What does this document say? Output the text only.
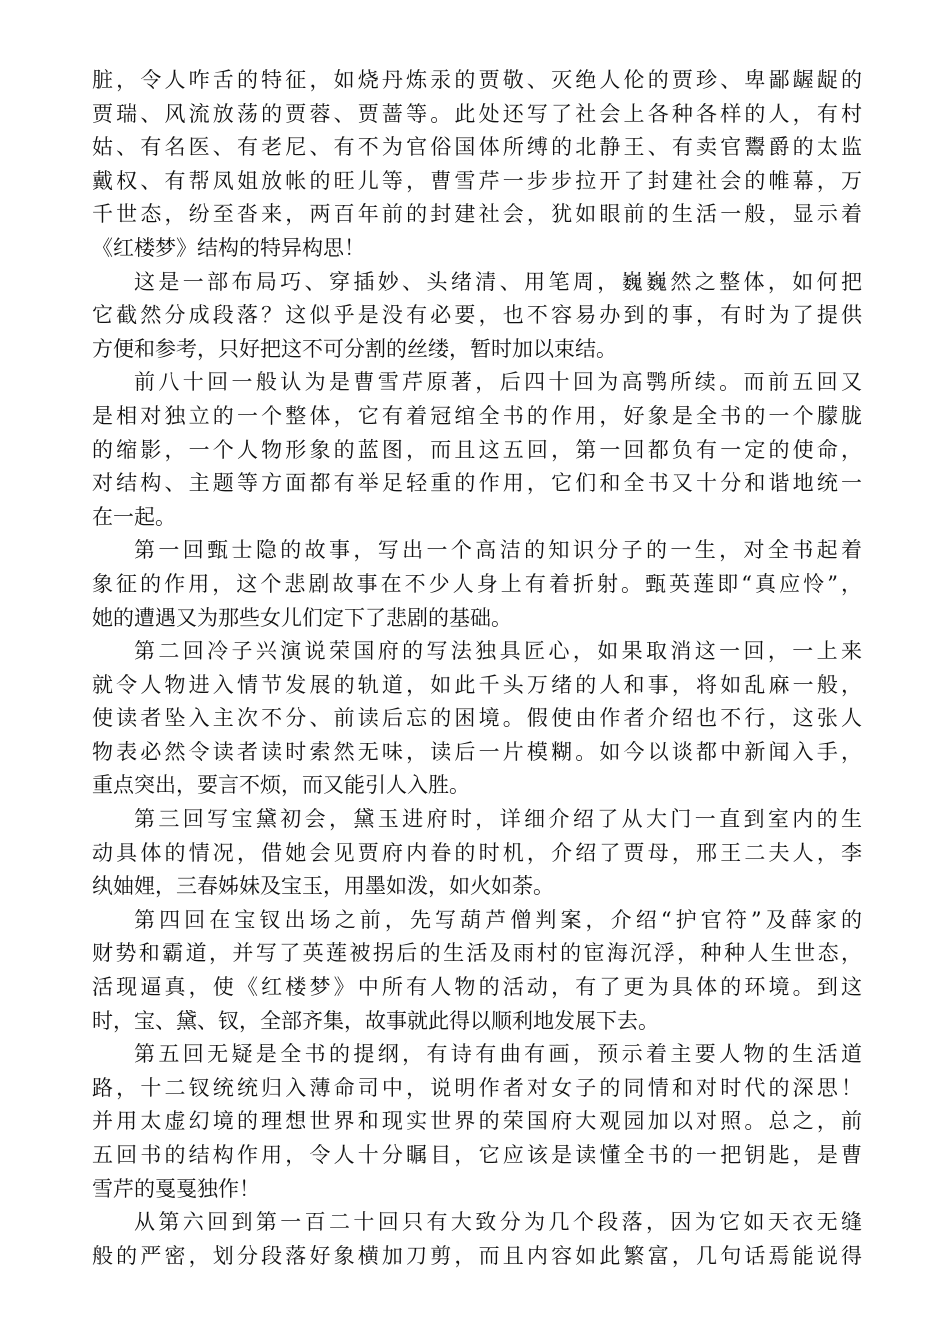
脏，令人咋舌的特征，如烧丹炼汞的贾敬、灭绝人伦的贾珍、卑鄙龌龊的
贾瑞、风流放荡的贾蓉、贾蔷等。此处还写了社会上各种各样的人，有村
姑、有名医、有老尼、有不为官俗国体所缚的北静王、有卖官鬻爵的太监
戴权、有帮凤姐放帐的旺儿等，曹雪芹一步步拉开了封建社会的帷幕，万
千世态，纷至沓来，两百年前的封建社会，犹如眼前的生活一般，显示着
《红楼梦》结构的特异构思！
这是一部布局巧、穿插妙、头绪清、用笔周，巍巍然之整体，如何把
它截然分成段落？这似乎是没有必要，也不容易办到的事，有时为了提供
方便和参考，只好把这不可分割的丝缕，暂时加以束结。
前八十回一般认为是曹雪芹原著，后四十回为高鹗所续。而前五回又
是相对独立的一个整体，它有着冠绾全书的作用，好象是全书的一个朦胧
的缩影，一个人物形象的蓝图，而且这五回，第一回都负有一定的使命，
对结构、主题等方面都有举足轻重的作用，它们和全书又十分和谐地统一
在一起。
第一回甄士隐的故事，写出一个高洁的知识分子的一生，对全书起着
象征的作用，这个悲剧故事在不少人身上有着折射。甄英莲即“真应怜”，
她的遭遇又为那些女儿们定下了悲剧的基础。
第二回冷子兴演说荣国府的写法独具匠心，如果取消这一回，一上来
就令人物进入情节发展的轨道，如此千头万绪的人和事，将如乱麻一般，
使读者坠入主次不分、前读后忘的困境。假使由作者介绍也不行，这张人
物表必然令读者读时索然无味，读后一片模糊。如今以谈都中新闻入手，
重点突出，要言不烦，而又能引人入胜。
第三回写宝黛初会，黛玉进府时，详细介绍了从大门一直到室内的生
动具体的情况，借她会见贾府内眷的时机，介绍了贾母，邢王二夫人，李
纨妯娌，三春姊妹及宝玉，用墨如泼，如火如荼。
第四回在宝钗出场之前，先写葫芦僧判案，介绍“护官符”及薛家的
财势和霸道，并写了英莲被拐后的生活及雨村的宦海沉浮，种种人生世态，
活现逼真，使《红楼梦》中所有人物的活动，有了更为具体的环境。到这
时，宝、黛、钗，全部齐集，故事就此得以顺利地发展下去。
第五回无疑是全书的提纲，有诗有曲有画，预示着主要人物的生活道
路，十二钗统统归入薄命司中，说明作者对女子的同情和对时代的深思！
并用太虚幻境的理想世界和现实世界的荣国府大观园加以对照。总之，前
五回书的结构作用，令人十分瞩目，它应该是读懂全书的一把钥匙，是曹
雪芹的戛戛独作！
从第六回到第一百二十回只有大致分为几个段落，因为它如天衣无缝
般的严密，划分段落好象横加刀剪，而且内容如此繁富，几句话焉能说得
